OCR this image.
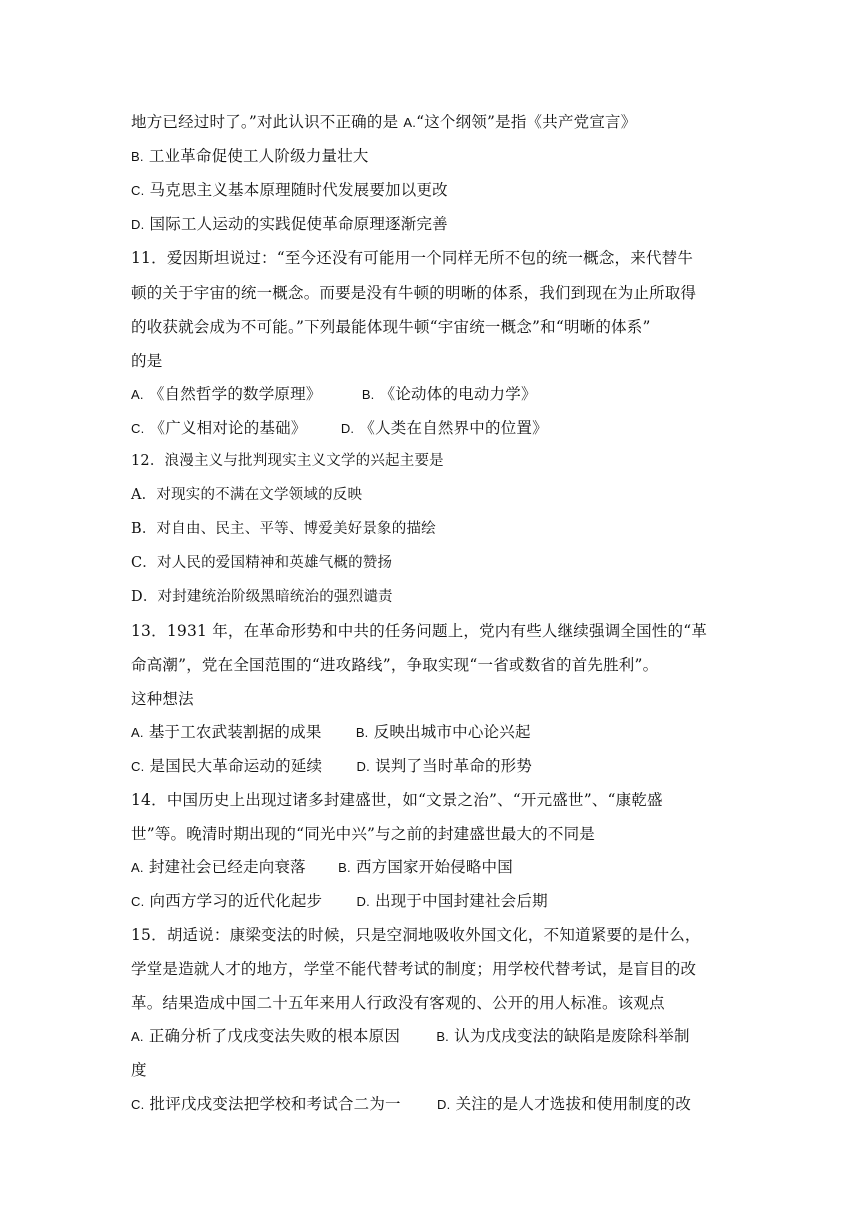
地方已经过时了。”对此认识不正确的是 A.“这个纲领”是指《共产党宣言》
B. 工业革命促使工人阶级力量壮大
C. 马克思主义基本原理随时代发展要加以更改
D. 国际工人运动的实践促使革命原理逐渐完善
11．爱因斯坦说过：“至今还没有可能用一个同样无所不包的统一概念，来代替牛
顿的关于宇宙的统一概念。而要是没有牛顿的明晰的体系，我们到现在为止所取得
的收获就会成为不可能。”下列最能体现牛顿“宇宙统一概念”和“明晰的体系”
的是
A. 《自然哲学的数学原理》	B. 《论动体的电动力学》
C. 《广义相对论的基础》	D. 《人类在自然界中的位置》
12．浪漫主义与批判现实主义文学的兴起主要是
A．对现实的不满在文学领域的反映
B．对自由、民主、平等、博爱美好景象的描绘
C．对人民的爱国精神和英雄气概的赞扬
D．对封建统治阶级黑暗统治的强烈谴责
13．1931 年，在革命形势和中共的任务问题上，党内有些人继续强调全国性的“革
命高潮”，党在全国范围的“进攻路线”，争取实现“一省或数省的首先胜利”。
这种想法
A. 基于工农武装割据的成果	B. 反映出城市中心论兴起
C. 是国民大革命运动的延续	D. 误判了当时革命的形势
14．中国历史上出现过诸多封建盛世，如“文景之治”、“开元盛世”、“康乾盛
世”等。晚清时期出现的“同光中兴”与之前的封建盛世最大的不同是
A. 封建社会已经走向衰落 B. 西方国家开始侵略中国
C. 向西方学习的近代化起步	D. 出现于中国封建社会后期
15．胡适说：康梁变法的时候，只是空洞地吸收外国文化，不知道紧要的是什么，
学堂是造就人才的地方，学堂不能代替考试的制度；用学校代替考试，是盲目的改
革。结果造成中国二十五年来用人行政没有客观的、公开的用人标准。该观点
A. 正确分析了戊戌变法失败的根本原因	B. 认为戊戌变法的缺陷是废除科举制
度
C. 批评戊戌变法把学校和考试合二为一	D. 关注的是人才选拔和使用制度的改
